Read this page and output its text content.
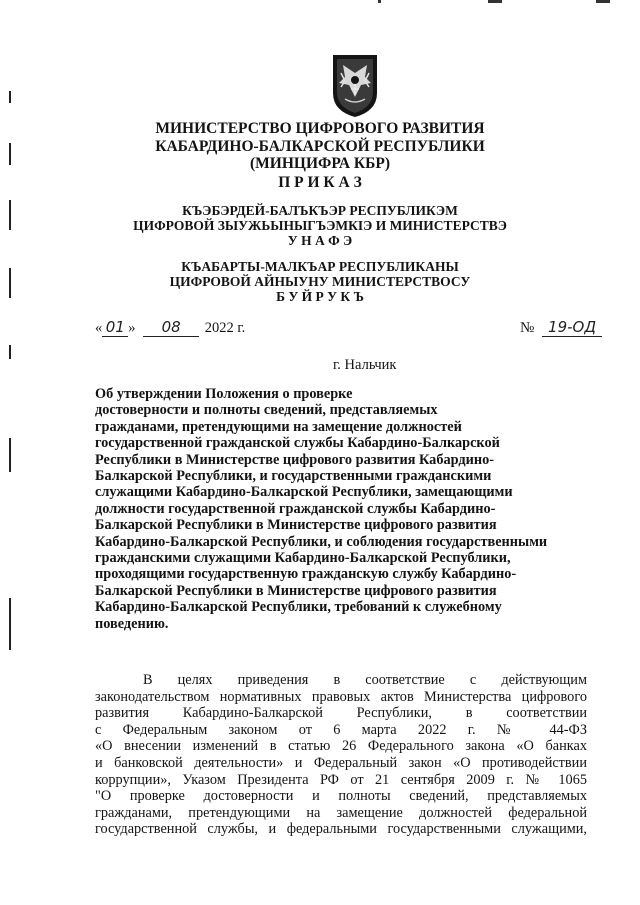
МИНИСТЕРСТВО ЦИФРОВОГО РАЗВИТИЯ
КАБАРДИНО-БАЛКАРСКОЙ РЕСПУБЛИКИ
(МИНЦИФРА КБР)
П Р И К А З
КЪЭБЭРДЕЙ-БАЛЪКЪЭР РЕСПУБЛИКЭМ
ЦИФРОВОЙ ЗЫУЖЬЫНЫГЪЭМКIЭ И МИНИСТЕРСТВЭ
У Н А Ф Э
КЪАБАРТЫ-МАЛКЪАР РЕСПУБЛИКАНЫ
ЦИФРОВОЙ АЙНЫУНУ МИНИСТЕРСТВОСУ
Б У Й Р У К Ъ
« 01 » 08 2022 г.	№ 19-ОД
г. Нальчик
Об утверждении Положения о проверке
достоверности и полноты сведений, представляемых
гражданами, претендующими на замещение должностей
государственной гражданской службы Кабардино-Балкарской
Республики в Министерстве цифрового развития Кабардино-
Балкарской Республики, и государственными гражданскими
служащими Кабардино-Балкарской Республики, замещающими
должности государственной гражданской службы Кабардино-
Балкарской Республики в Министерстве цифрового развития
Кабардино-Балкарской Республики, и соблюдения государственными
гражданскими служащими Кабардино-Балкарской Республики,
проходящими государственную гражданскую службу Кабардино-
Балкарской Республики в Министерстве цифрового развития
Кабардино-Балкарской Республики, требований к служебному
поведению.
В целях приведения в соответствие с действующим
законодательством нормативных правовых актов Министерства цифрового
развития Кабардино-Балкарской Республики, в соответствии
с Федеральным законом от 6 марта 2022 г. № 44-ФЗ
«О внесении изменений в статью 26 Федерального закона «О банках
и банковской деятельности» и Федеральный закон «О противодействии
коррупции», Указом Президента РФ от 21 сентября 2009 г. № 1065
"О проверке достоверности и полноты сведений, представляемых
гражданами, претендующими на замещение должностей федеральной
государственной службы, и федеральными государственными служащими,
